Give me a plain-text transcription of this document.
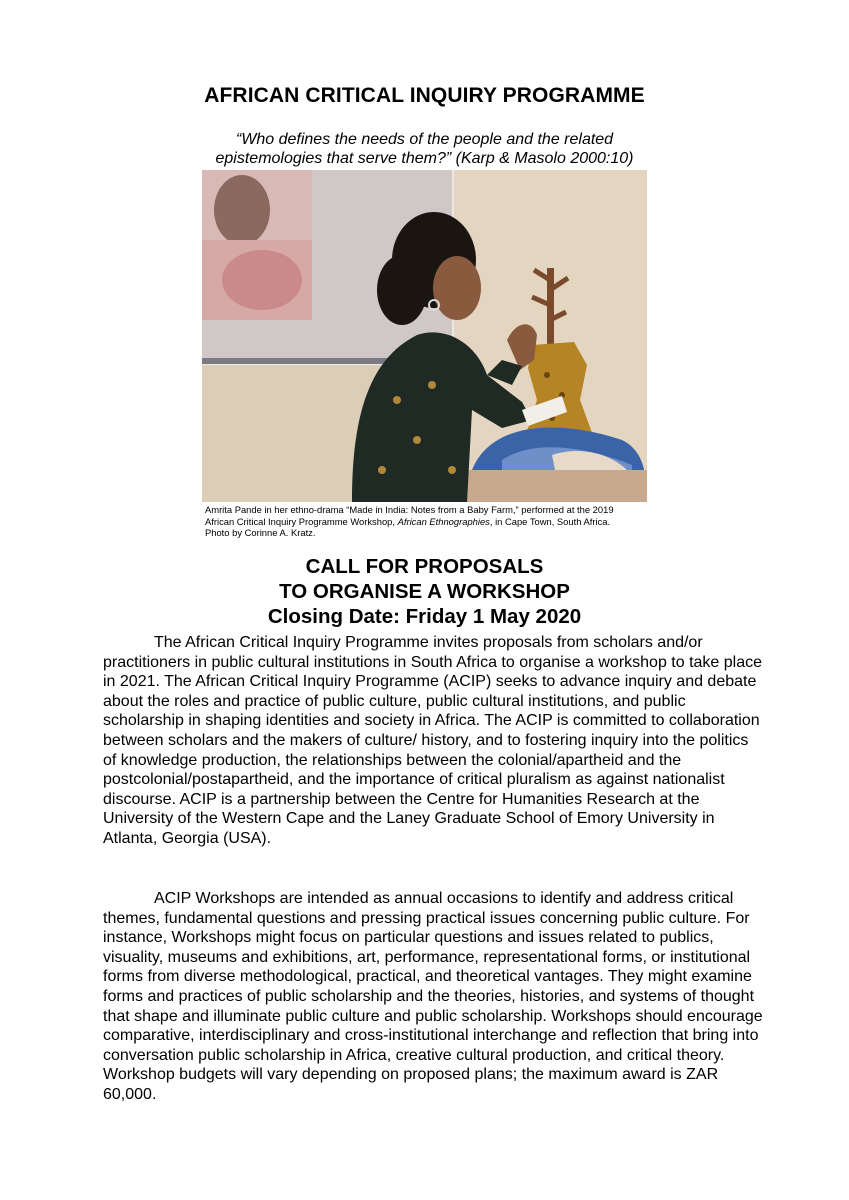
AFRICAN CRITICAL INQUIRY PROGRAMME
“Who defines the needs of the people and the related
epistemologies that serve them?” (Karp & Masolo 2000:10)
Amrita Pande in her ethno-drama “Made in India: Notes from a Baby Farm,” performed at the 2019
African Critical Inquiry Programme Workshop, African Ethnographies, in Cape Town, South Africa.
Photo by Corinne A. Kratz.
CALL FOR PROPOSALS
TO ORGANISE A WORKSHOP
Closing Date: Friday 1 May 2020

The African Critical Inquiry Programme invites proposals from scholars and/or practitioners in public cultural institutions in South Africa to organise a workshop to take place in 2021. The African Critical Inquiry Programme (ACIP) seeks to advance inquiry and debate about the roles and practice of public culture, public cultural institutions, and public scholarship in shaping identities and society in Africa. The ACIP is committed to collaboration between scholars and the makers of culture/ history, and to fostering inquiry into the politics of knowledge production, the relationships between the colonial/apartheid and the postcolonial/postapartheid, and the importance of critical pluralism as against nationalist discourse. ACIP is a partnership between the Centre for Humanities Research at the University of the Western Cape and the Laney Graduate School of Emory University in Atlanta, Georgia (USA).

ACIP Workshops are intended as annual occasions to identify and address critical themes, fundamental questions and pressing practical issues concerning public culture. For instance, Workshops might focus on particular questions and issues related to publics, visuality, museums and exhibitions, art, performance, representational forms, or institutional forms from diverse methodological, practical, and theoretical vantages. They might examine forms and practices of public scholarship and the theories, histories, and systems of thought that shape and illuminate public culture and public scholarship. Workshops should encourage comparative, interdisciplinary and cross-institutional interchange and reflection that bring into conversation public scholarship in Africa, creative cultural production, and critical theory. Workshop budgets will vary depending on proposed plans; the maximum award is ZAR 60,000.
